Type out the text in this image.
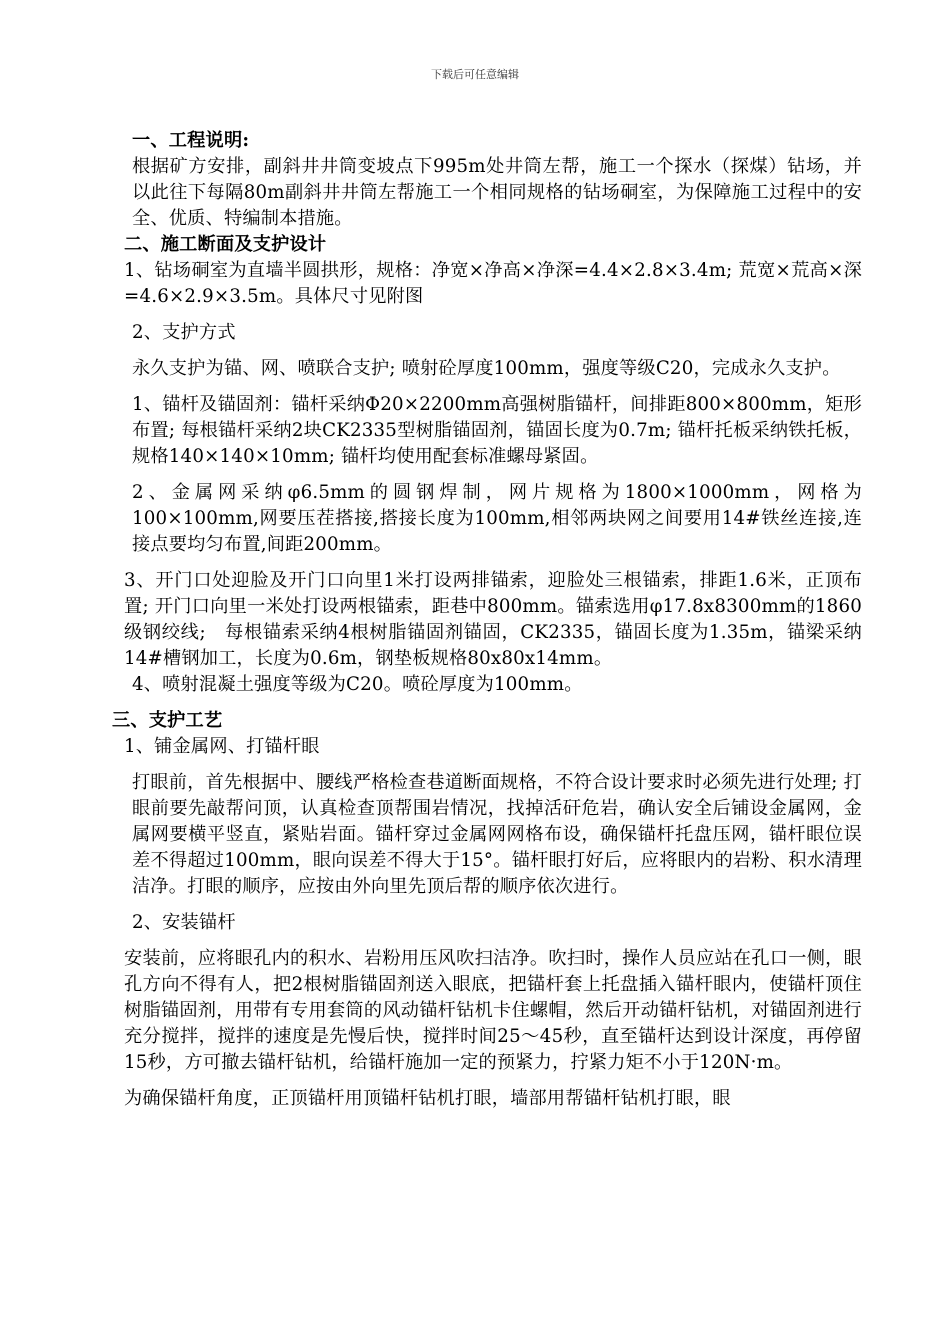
下载后可任意编辑

一、工程说明:

根据矿方安排，副斜井井筒变坡点下995m处井筒左帮，施工一个探水（探煤）钻场，并以此往下每隔80m副斜井井筒左帮施工一个相同规格的钻场硐室，为保障施工过程中的安全、优质、特编制本措施。

二、施工断面及支护设计

1、钻场硐室为直墙半圆拱形，规格：净宽×净高×净深=4.4×2.8×3.4m; 荒宽×荒高×深=4.6×2.9×3.5m。具体尺寸见附图

2、支护方式

永久支护为锚、网、喷联合支护; 喷射砼厚度100mm，强度等级C20，完成永久支护。

1、锚杆及锚固剂：锚杆采纳Φ20×2200mm高强树脂锚杆，间排距800×800mm，矩形布置; 每根锚杆采纳2块CK2335型树脂锚固剂，锚固长度为0.7m; 锚杆托板采纳铁托板，规格140×140×10mm; 锚杆均使用配套标准螺母紧固。

2、金属网采纳φ6.5mm的圆钢焊制，网片规格为1800×1000mm，网格为100×100mm,网要压茬搭接,搭接长度为100mm,相邻两块网之间要用14#铁丝连接,连接点要均匀布置,间距200mm。

3、开门口处迎脸及开门口向里1米打设两排锚索，迎脸处三根锚索，排距1.6米，正顶布置; 开门口向里一米处打设两根锚索，距巷中800mm。锚索选用φ17.8x8300mm的1860级钢绞线;　每根锚索采纳4根树脂锚固剂锚固，CK2335，锚固长度为1.35m，锚梁采纳14#槽钢加工，长度为0.6m，钢垫板规格80x80x14mm。

4、喷射混凝土强度等级为C20。喷砼厚度为100mm。

三、支护工艺

1、铺金属网、打锚杆眼

打眼前，首先根据中、腰线严格检查巷道断面规格，不符合设计要求时必须先进行处理; 打眼前要先敲帮问顶，认真检查顶帮围岩情况，找掉活矸危岩，确认安全后铺设金属网，金属网要横平竖直，紧贴岩面。锚杆穿过金属网网格布设，确保锚杆托盘压网，锚杆眼位误差不得超过100mm，眼向误差不得大于15°。锚杆眼打好后，应将眼内的岩粉、积水清理洁净。打眼的顺序，应按由外向里先顶后帮的顺序依次进行。

2、安装锚杆

安装前，应将眼孔内的积水、岩粉用压风吹扫洁净。吹扫时，操作人员应站在孔口一侧，眼孔方向不得有人，把2根树脂锚固剂送入眼底，把锚杆套上托盘插入锚杆眼内，使锚杆顶住树脂锚固剂，用带有专用套筒的风动锚杆钻机卡住螺帽，然后开动锚杆钻机，对锚固剂进行充分搅拌，搅拌的速度是先慢后快，搅拌时间25～45秒，直至锚杆达到设计深度，再停留15秒，方可撤去锚杆钻机，给锚杆施加一定的预紧力，拧紧力矩不小于120N·m。

为确保锚杆角度，正顶锚杆用顶锚杆钻机打眼，墙部用帮锚杆钻机打眼，眼
